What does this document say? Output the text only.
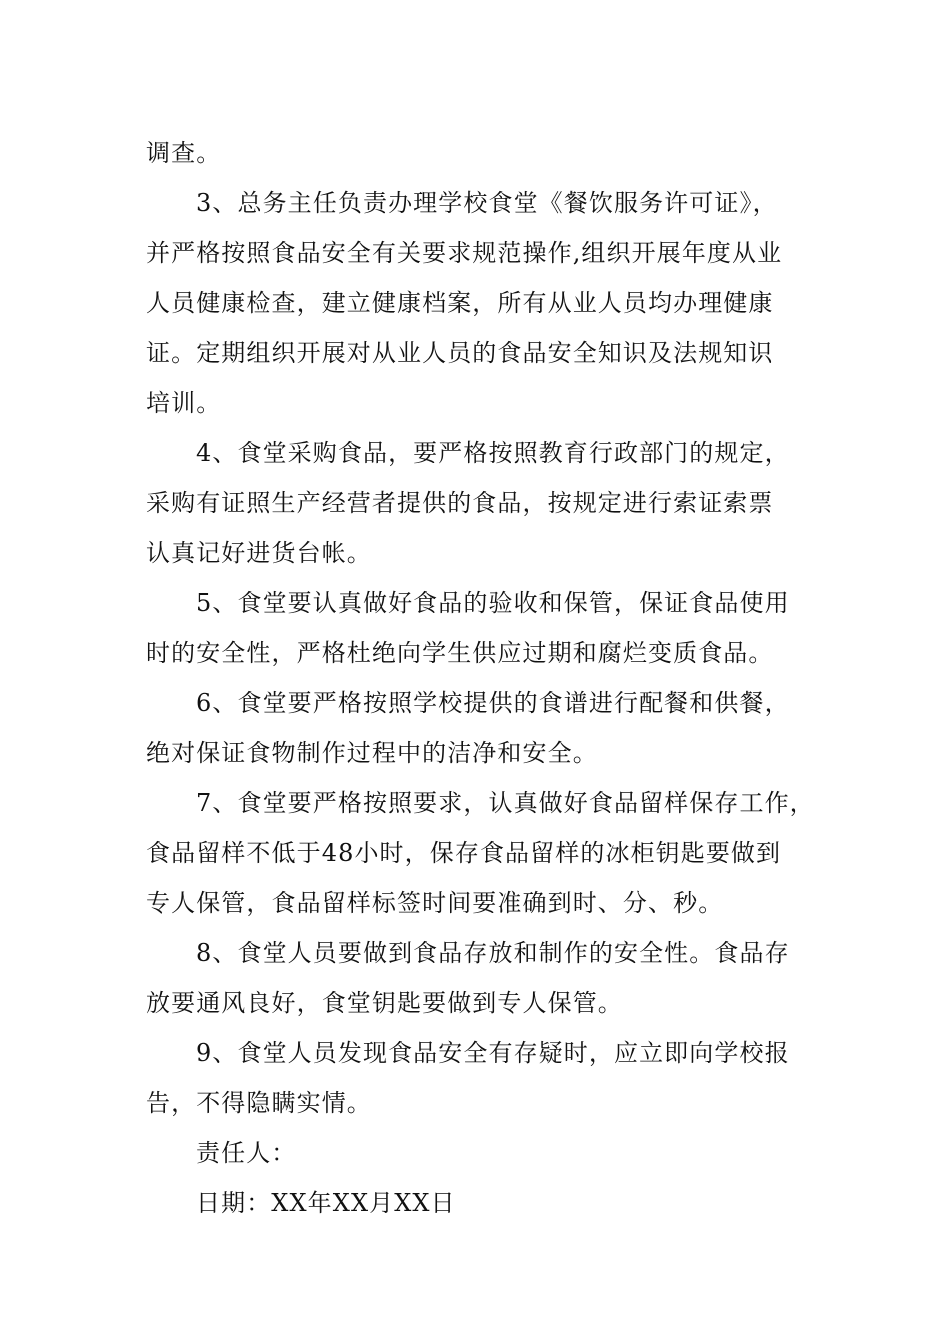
调查。
3、总务主任负责办理学校食堂《餐饮服务许可证》，
并严格按照食品安全有关要求规范操作,组织开展年度从业
人员健康检查，建立健康档案，所有从业人员均办理健康
证。定期组织开展对从业人员的食品安全知识及法规知识
培训。
4、食堂采购食品，要严格按照教育行政部门的规定，
采购有证照生产经营者提供的食品，按规定进行索证索票
认真记好进货台帐。
5、食堂要认真做好食品的验收和保管，保证食品使用
时的安全性，严格杜绝向学生供应过期和腐烂变质食品。
6、食堂要严格按照学校提供的食谱进行配餐和供餐，
绝对保证食物制作过程中的洁净和安全。
7、食堂要严格按照要求，认真做好食品留样保存工作，
食品留样不低于48小时，保存食品留样的冰柜钥匙要做到
专人保管，食品留样标签时间要准确到时、分、秒。
8、食堂人员要做到食品存放和制作的安全性。食品存
放要通风良好，食堂钥匙要做到专人保管。
9、食堂人员发现食品安全有存疑时，应立即向学校报
告，不得隐瞒实情。
责任人：
日期：XX年XX月XX日
